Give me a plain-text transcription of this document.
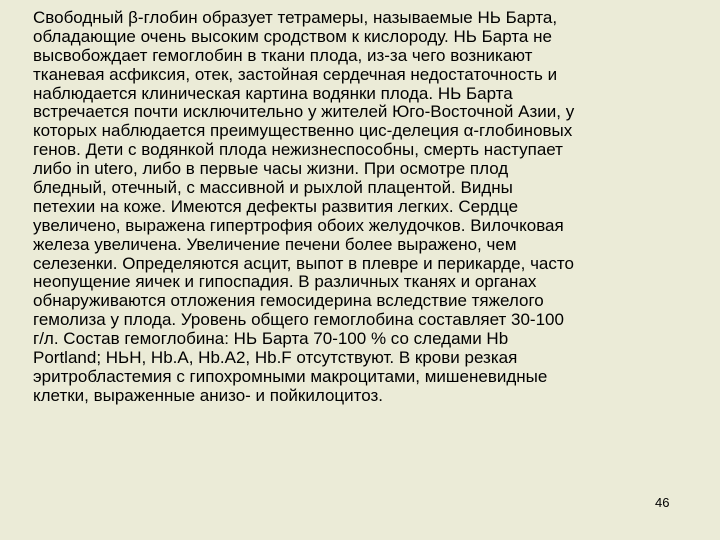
Свободный β-глобин образует тетрамеры, называемые НЬ Барта,
обладающие очень высоким сродством к кислороду. НЬ Барта не
высвобождает гемоглобин в ткани плода, из-за чего возникают
тканевая асфиксия, отек, застойная сердечная недостаточность и
наблюдается клиническая картина водянки плода. НЬ Барта
встречается почти исключительно у жителей Юго-Восточной Азии, у
которых наблюдается преимущественно цис-делеция α-глобиновых
генов. Дети с водянкой плода нежизнеспособны, смерть наступает
либо in utero, либо в первые часы жизни. При осмотре плод
бледный, отечный, с массивной и рыхлой плацентой. Видны
петехии на коже. Имеются дефекты развития легких. Сердце
увеличено, выражена гипертрофия обоих желудочков. Вилочковая
железа увеличена. Увеличение печени более выражено, чем
селезенки. Определяются асцит, выпот в плевре и перикарде, часто
неопущение яичек и гипоспадия. В различных тканях и органах
обнаруживаются отложения гемосидерина вследствие тяжелого
гемолиза у плода. Уровень общего гемоглобина составляет 30-100
г/л. Состав гемоглобина: НЬ Барта 70-100 % со следами Hb
Portland; НЬН, Hb.A, Hb.A2, Hb.F отсутствуют. В крови резкая
эритробластемия с гипохромными макроцитами, мишеневидные
клетки, выраженные анизо- и пойкилоцитоз.

46
